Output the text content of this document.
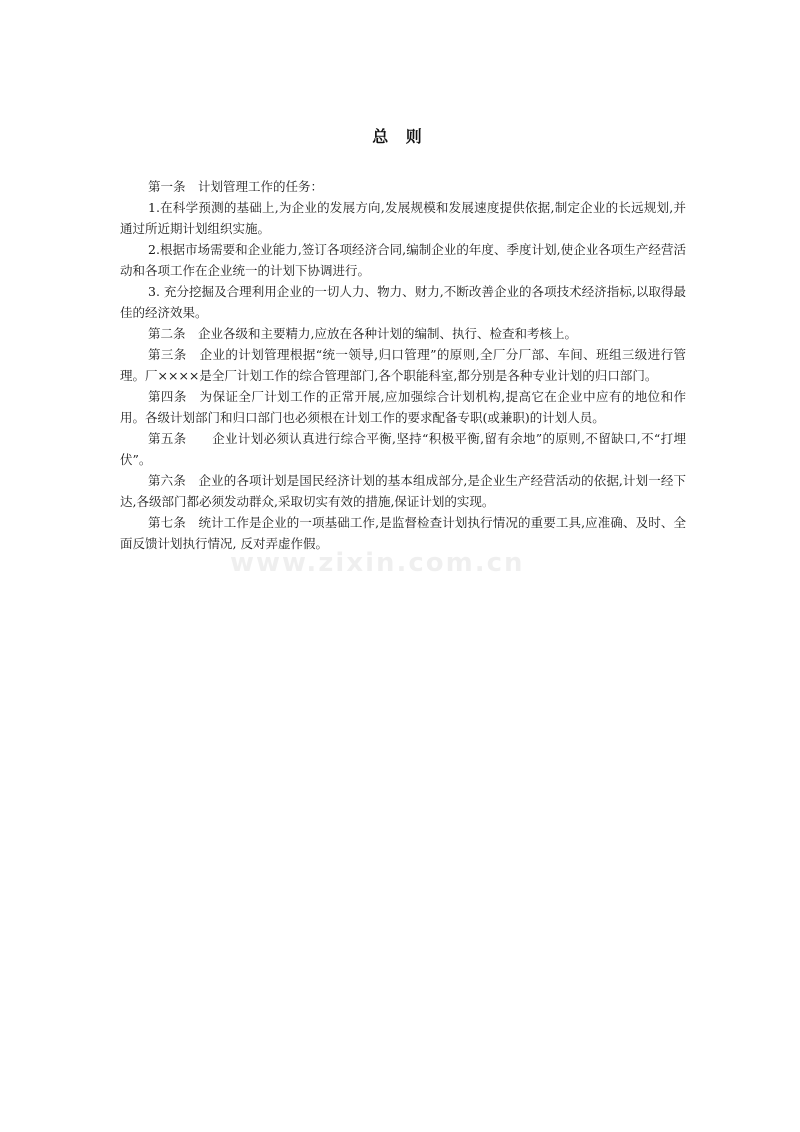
总 则

第一条　计划管理工作的任务：

1.在科学预测的基础上,为企业的发展方向,发展规模和发展速度提供依据,制定企业的长远规划,并通过所近期计划组织实施。

2.根据市场需要和企业能力,签订各项经济合同,编制企业的年度、季度计划,使企业各项生产经营活动和各项工作在企业统一的计划下协调进行。

3. 充分挖掘及合理利用企业的一切人力、物力、财力,不断改善企业的各项技术经济指标,以取得最佳的经济效果。

第二条　企业各级和主要精力,应放在各种计划的编制、执行、检查和考核上。

第三条　企业的计划管理根据“统一领导,归口管理”的原则,全厂分厂部、车间、班组三级进行管理。厂××××是全厂计划工作的综合管理部门,各个职能科室,都分别是各种专业计划的归口部门。

第四条　为保证全厂计划工作的正常开展,应加强综合计划机构,提高它在企业中应有的地位和作用。各级计划部门和归口部门也必须根在计划工作的要求配备专职(或兼职)的计划人员。

第五条　　企业计划必须认真进行综合平衡,坚持“积极平衡,留有余地”的原则,不留缺口,不“打埋伏”。

第六条　企业的各项计划是国民经济计划的基本组成部分,是企业生产经营活动的依据,计划一经下达,各级部门都必须发动群众,采取切实有效的措施,保证计划的实现。

第七条　统计工作是企业的一项基础工作,是监督检查计划执行情况的重要工具,应准确、及时、全面反馈计划执行情况, 反对弄虚作假。

www.zixin.com.cn
